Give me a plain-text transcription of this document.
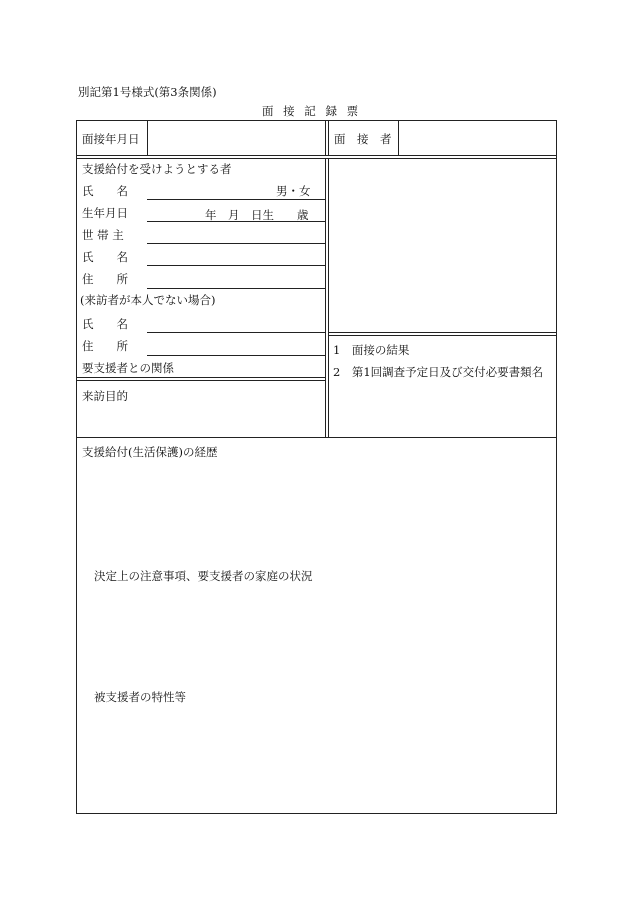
別記第1号様式(第3条関係)
面 接 記 録 票
面接年月日	面　接　者
支援給付を受けようとする者
氏　　名	男・女
生年月日	年　月　日生　　歳
世 帯 主
氏　　名
住　　所
(来訪者が本人でない場合)
氏　　名
住　　所
要支援者との関係
1　面接の結果
2　第1回調査予定日及び交付必要書類名
来訪目的
支援給付(生活保護)の経歴
決定上の注意事項、要支援者の家庭の状況
被支援者の特性等
